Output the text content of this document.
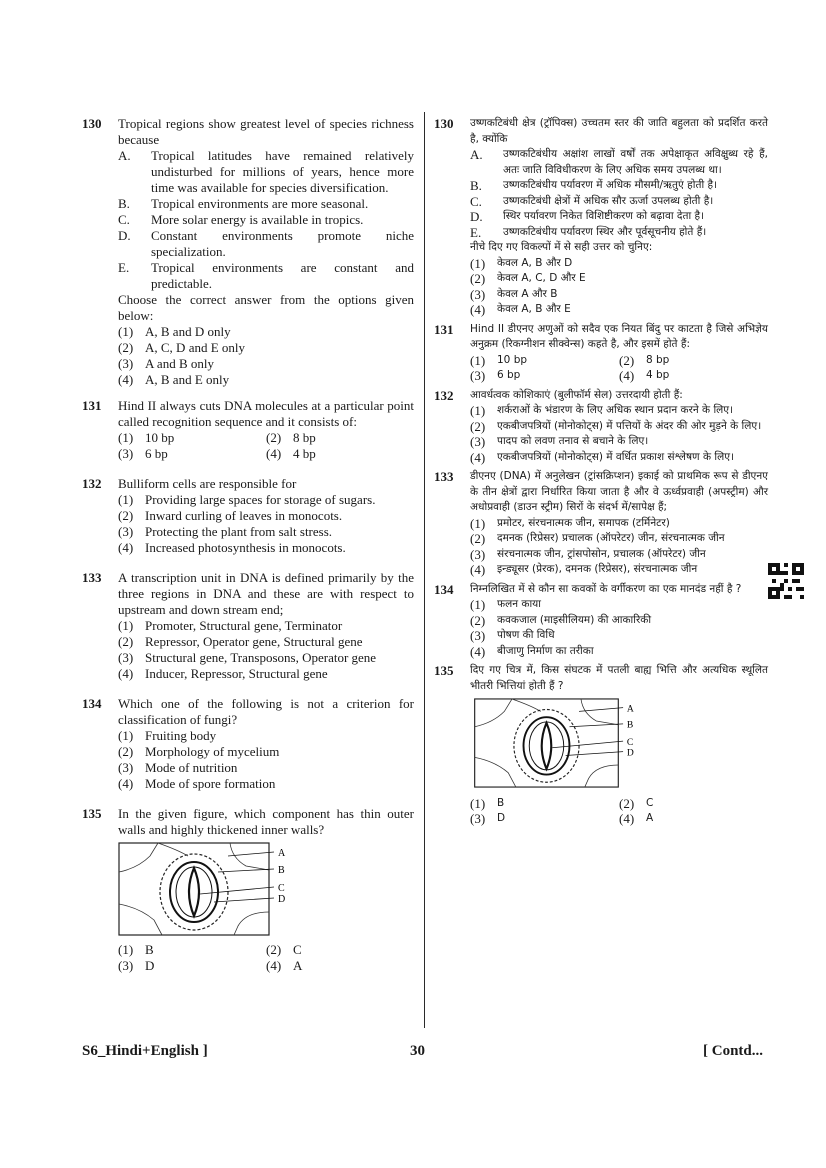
130 Tropical regions show greatest level of species richness because
A. Tropical latitudes have remained relatively undisturbed for millions of years, hence more time was available for species diversification.
B. Tropical environments are more seasonal.
C. More solar energy is available in tropics.
D. Constant environments promote niche specialization.
E. Tropical environments are constant and predictable.
Choose the correct answer from the options given below:
(1) A, B and D only
(2) A, C, D and E only
(3) A and B only
(4) A, B and E only
131 Hind II always cuts DNA molecules at a particular point called recognition sequence and it consists of:
(1) 10 bp	(2) 8 bp
(3) 6 bp	(4) 4 bp
132 Bulliform cells are responsible for
(1) Providing large spaces for storage of sugars.
(2) Inward curling of leaves in monocots.
(3) Protecting the plant from salt stress.
(4) Increased photosynthesis in monocots.
133 A transcription unit in DNA is defined primarily by the three regions in DNA and these are with respect to upstream and down stream end;
(1) Promoter, Structural gene, Terminator
(2) Repressor, Operator gene, Structural gene
(3) Structural gene, Transposons, Operator gene
(4) Inducer, Repressor, Structural gene
134 Which one of the following is not a criterion for classification of fungi?
(1) Fruiting body
(2) Morphology of mycelium
(3) Mode of nutrition
(4) Mode of spore formation
135 In the given figure, which component has thin outer walls and highly thickened inner walls?
A
B
C
D
(1) B	(2) C
(3) D	(4) A
130 उष्णकटिबंधी क्षेत्र (ट्रॉपिक्स) उच्चतम स्तर की जाति बहुलता को प्रदर्शित करते है, क्योंकि
A. उष्णकटिबंधीय अक्षांश लाखों वर्षों तक अपेक्षाकृत अविक्षुब्ध रहे हैं, अतः जाति विविधीकरण के लिए अधिक समय उपलब्ध था।
B. उष्णकटिबंधीय पर्यावरण में अधिक मौसमी/ऋतुएं होती है।
C. उष्णकटिबंधी क्षेत्रों में अधिक सौर ऊर्जा उपलब्ध होती है।
D. स्थिर पर्यावरण निकेत विशिष्टीकरण को बढ़ावा देता है।
E. उष्णकटिबंधीय पर्यावरण स्थिर और पूर्वसूचनीय होते हैं।
नीचे दिए गए विकल्पों में से सही उत्तर को चुनिए:
(1) केवल A, B और D
(2) केवल A, C, D और E
(3) केवल A और B
(4) केवल A, B और E
131 Hind II डीएनए अणुओं को सदैव एक नियत बिंदु पर काटता है जिसे अभिज्ञेय अनुक्रम (रिकग्नीशन सीक्वेन्स) कहते है, और इसमें होते हैं:
(1) 10 bp	(2) 8 bp
(3) 6 bp	(4) 4 bp
132 आवर्धत्वक कोशिकाएं (बुलीफॉर्म सेल) उत्तरदायी होती हैं:
(1) शर्कराओं के भंडारण के लिए अधिक स्थान प्रदान करने के लिए।
(2) एकबीजपत्रियों (मोनोकोट्स) में पत्तियों के अंदर की ओर मुड़ने के लिए।
(3) पादप को लवण तनाव से बचाने के लिए।
(4) एकबीजपत्रियों (मोनोकोट्स) में वर्धित प्रकाश संश्लेषण के लिए।
133 डीएनए (DNA) में अनुलेखन (ट्रांसक्रिप्शन) इकाई को प्राथमिक रूप से डीएनए के तीन क्षेत्रों द्वारा निर्धारित किया जाता है और वे ऊर्ध्वप्रवाही (अपस्ट्रीम) और अधोप्रवाही (डाउन स्ट्रीम) सिरों के संदर्भ में/सापेक्ष हैं;
(1) प्रमोटर, संरचनात्मक जीन, समापक (टर्मिनेटर)
(2) दमनक (रिप्रेसर) प्रचालक (ऑपरेटर) जीन, संरचनात्मक जीन
(3) संरचनात्मक जीन, ट्रांसपोसोन, प्रचालक (ऑपरेटर) जीन
(4) इन्ड्यूसर (प्रेरक), दमनक (रिप्रेसर), संरचनात्मक जीन
134 निम्नलिखित में से कौन सा कवकों के वर्गीकरण का एक मानदंड नहीं है ?
(1) फलन काया
(2) कवकजाल (माइसीलियम) की आकारिकी
(3) पोषण की विधि
(4) बीजाणु निर्माण का तरीका
135 दिए गए चित्र में, किस संघटक में पतली बाह्य भित्ति और अत्यधिक स्थूलित भीतरी भित्तियां होती हैं ?
A
B
C
D
(1) B	(2) C
(3) D	(4) A
S6_Hindi+English ]	30	[ Contd...
